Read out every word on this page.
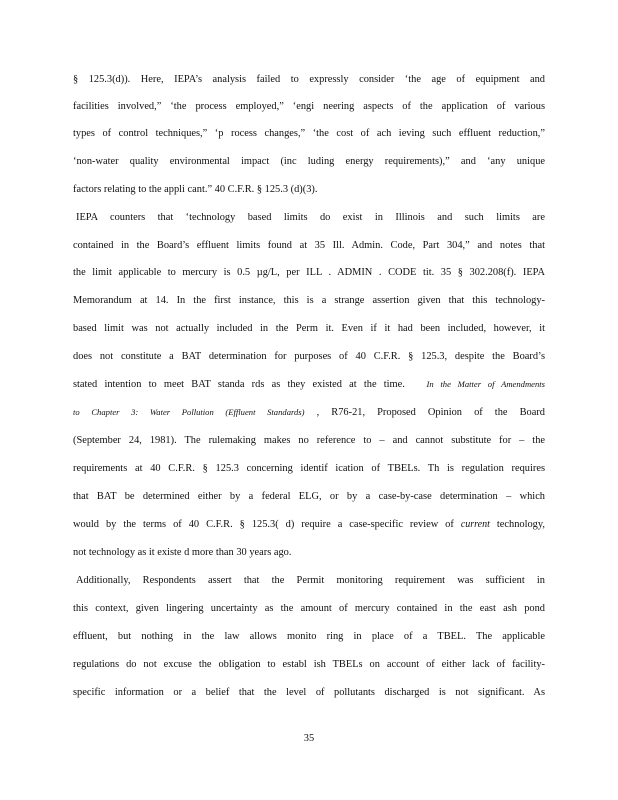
§ 125.3(d)). Here, IEPA’s analysis failed to expressly consider ‘the age of equipment and
facilities involved,” ‘the process employed,” ‘engi neering aspects of the application of various
types of control techniques,” ‘p rocess changes,” ‘the cost of ach ieving such effluent reduction,”
‘non-water quality environmental impact (inc luding energy requirements),” and ‘any unique
factors relating to the appli cant.” 40 C.F.R. § 125.3 (d)(3).
IEPA counters that ‘technology based limits do exist in Illinois and such limits are
contained in the Board’s effluent limits found at 35 Ill. Admin. Code, Part 304,” and notes that
the limit applicable to mercury is 0.5 µg/L, per ILL . ADMIN . CODE tit. 35 § 302.208(f). IEPA
Memorandum at 14. In the first instance, this is a strange assertion given that this technology-
based limit was not actually included in the Perm it. Even if it had been included, however, it
does not constitute a BAT determination for purposes of 40 C.F.R. § 125.3, despite the Board’s
stated intention to meet BAT standa rds as they existed at the time.	In the Matter of Amendments
to Chapter 3: Water Pollution (Effluent Standards) , R76-21, Proposed Opinion of the Board
(September 24, 1981). The rulemaking makes no reference to – and cannot substitute for – the
requirements at 40 C.F.R. § 125.3 concerning identif ication of TBELs. Th is regulation requires
that BAT be determined either by a federal ELG, or by a case-by-case determination – which
would by the terms of 40 C.F.R. § 125.3( d) require a case-specific review of current technology,
not technology as it existe d more than 30 years ago.
Additionally, Respondents assert that the Permit monitoring requirement was sufficient in
this context, given lingering uncertainty as the amount of mercury contained in the east ash pond
effluent, but nothing in the law allows monito ring in place of a TBEL. The applicable
regulations do not excuse the obligation to establ ish TBELs on account of either lack of facility-
specific information or a belief that the level of pollutants discharged is not significant. As
35
